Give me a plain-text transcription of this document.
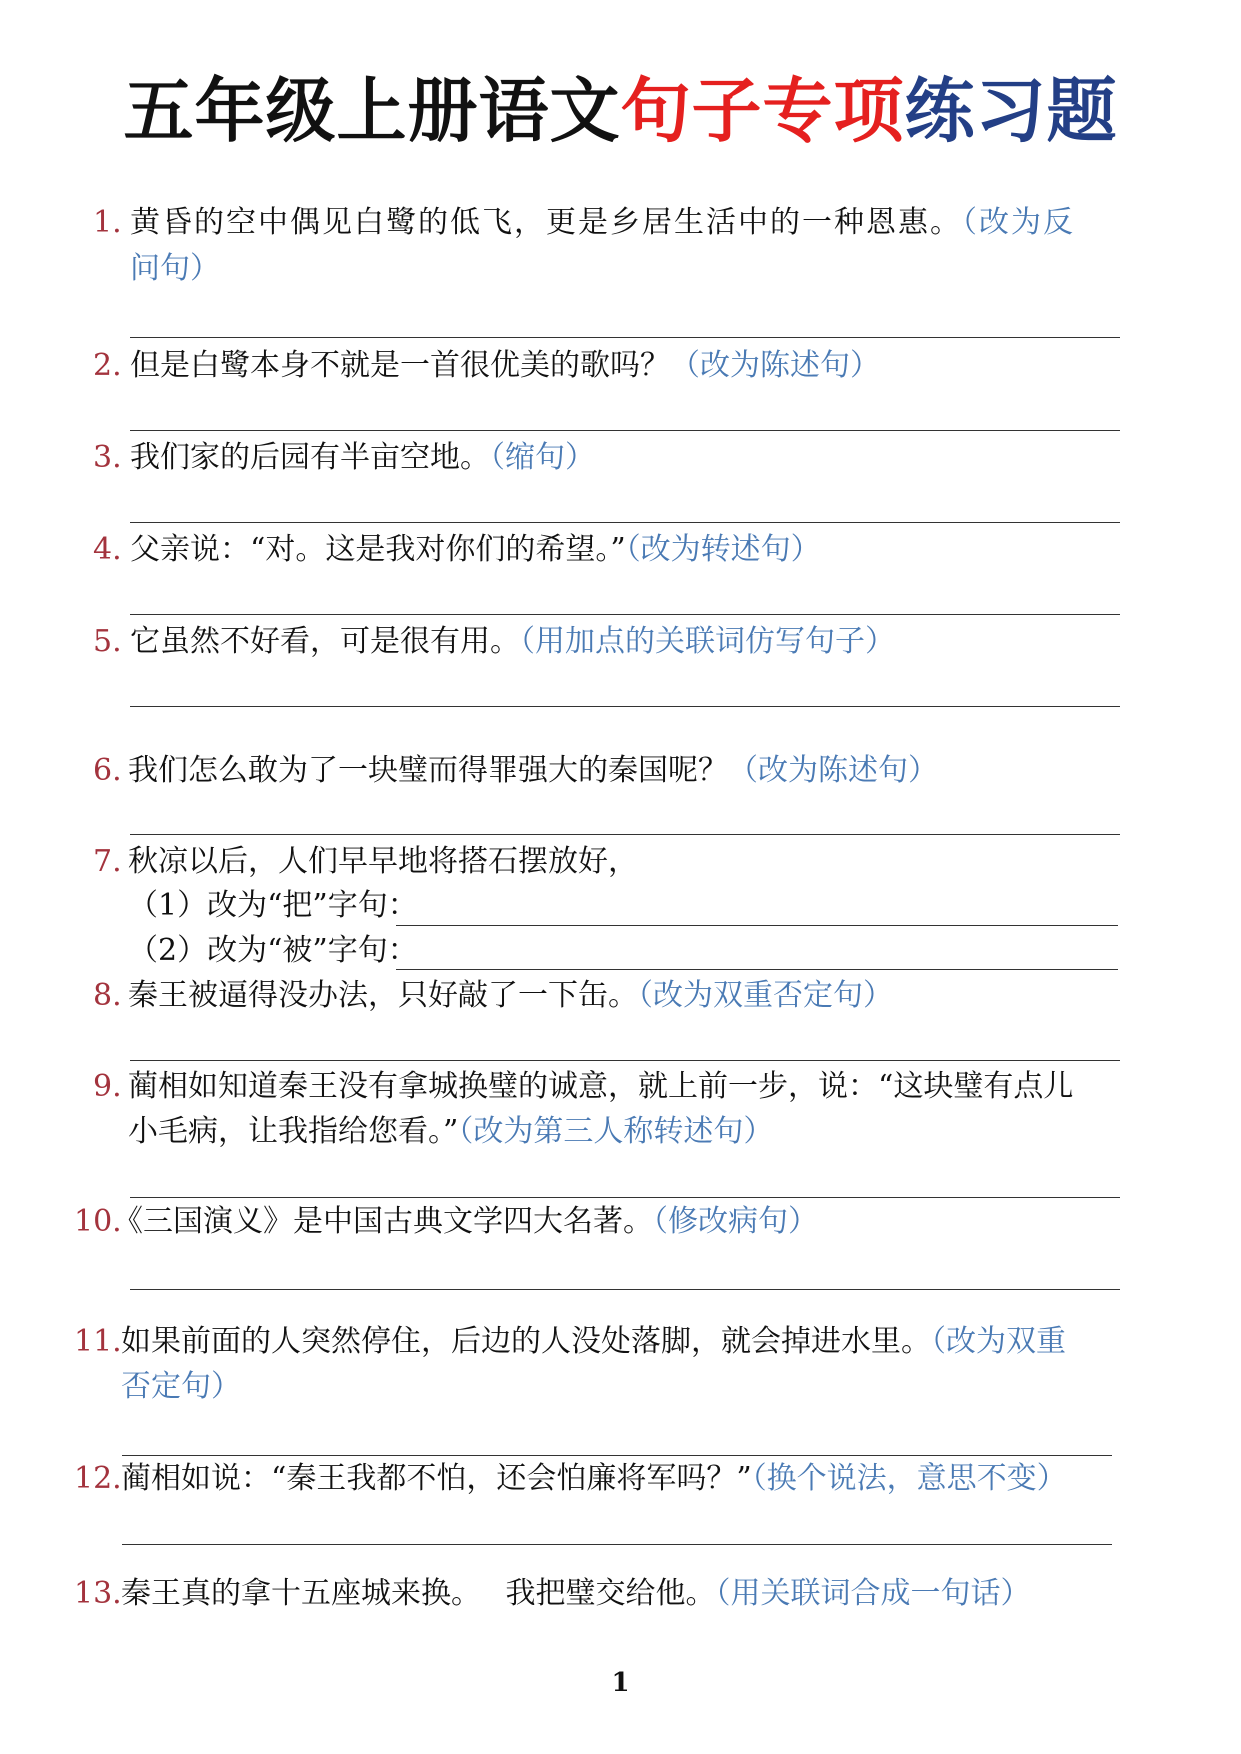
五年级上册语文句子专项练习题
1. 黄昏的空中偶见白鹭的低飞，更是乡居生活中的一种恩惠。（改为反
问句）
2. 但是白鹭本身不就是一首很优美的歌吗？（改为陈述句）
3. 我们家的后园有半亩空地。（缩句）
4. 父亲说：“对。这是我对你们的希望。”（改为转述句）
5. 它虽然不好看，可是很有用。（用加点的关联词仿写句子）
6. 我们怎么敢为了一块璧而得罪强大的秦国呢？（改为陈述句）
7. 秋凉以后，人们早早地将搭石摆放好，
（1）改为“把”字句：
（2）改为“被”字句：
8. 秦王被逼得没办法，只好敲了一下缶。（改为双重否定句）
9. 蔺相如知道秦王没有拿城换璧的诚意，就上前一步，说：“这块璧有点儿
小毛病，让我指给您看。”（改为第三人称转述句）
10.
《三国演义》是中国古典文学四大名著。（修改病句）
11. 如果前面的人突然停住，后边的人没处落脚，就会掉进水里。（改为双重
否定句）
12. 蔺相如说：“秦王我都不怕，还会怕廉将军吗？”（换个说法，意思不变）
13. 秦王真的拿十五座城来换。　 我把璧交给他。（用关联词合成一句话）
1
